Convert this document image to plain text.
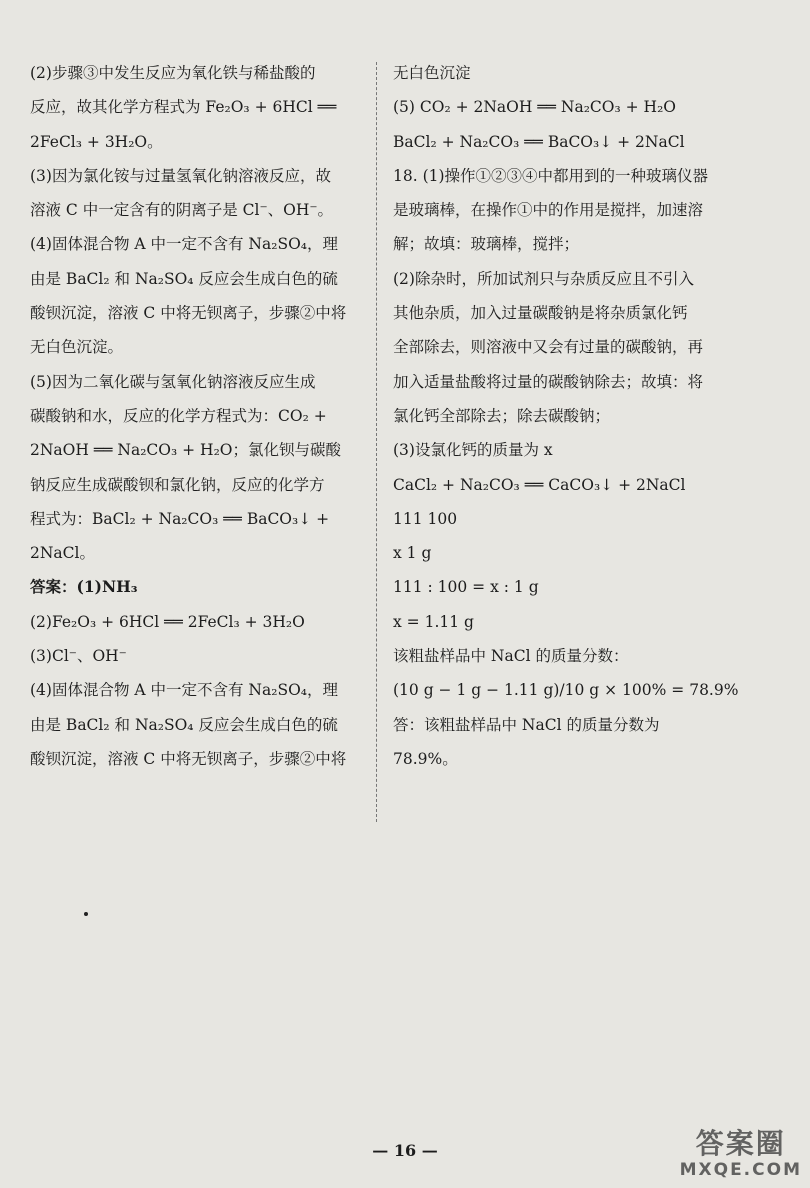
(2)步骤③中发生反应为氧化铁与稀盐酸的
反应，故其化学方程式为 Fe₂O₃ + 6HCl ══
2FeCl₃ + 3H₂O。
(3)因为氯化铵与过量氢氧化钠溶液反应，故
溶液 C 中一定含有的阴离子是 Cl⁻、OH⁻。
(4)固体混合物 A 中一定不含有 Na₂SO₄，理
由是 BaCl₂ 和 Na₂SO₄ 反应会生成白色的硫
酸钡沉淀，溶液 C 中将无钡离子，步骤②中将
无白色沉淀。
(5)因为二氧化碳与氢氧化钠溶液反应生成
碳酸钠和水，反应的化学方程式为：CO₂ +
2NaOH ══ Na₂CO₃ + H₂O；氯化钡与碳酸
钠反应生成碳酸钡和氯化钠，反应的化学方
程式为：BaCl₂ + Na₂CO₃ ══ BaCO₃↓ +
2NaCl。
答案：(1)NH₃
(2)Fe₂O₃ + 6HCl ══ 2FeCl₃ + 3H₂O
(3)Cl⁻、OH⁻
(4)固体混合物 A 中一定不含有 Na₂SO₄，理
由是 BaCl₂ 和 Na₂SO₄ 反应会生成白色的硫
酸钡沉淀，溶液 C 中将无钡离子，步骤②中将
无白色沉淀
(5) CO₂ + 2NaOH ══ Na₂CO₃ + H₂O
BaCl₂ + Na₂CO₃ ══ BaCO₃↓ + 2NaCl
18. (1)操作①②③④中都用到的一种玻璃仪器
是玻璃棒，在操作①中的作用是搅拌，加速溶
解；故填：玻璃棒，搅拌；
(2)除杂时，所加试剂只与杂质反应且不引入
其他杂质，加入过量碳酸钠是将杂质氯化钙
全部除去，则溶液中又会有过量的碳酸钠，再
加入适量盐酸将过量的碳酸钠除去；故填：将
氯化钙全部除去；除去碳酸钠；
(3)设氯化钙的质量为 x
CaCl₂ + Na₂CO₃ ══ CaCO₃↓ + 2NaCl
111 100
x 1 g
111 : 100 = x : 1 g
x = 1.11 g
该粗盐样品中 NaCl 的质量分数：
(10 g − 1 g − 1.11 g)/10 g × 100% = 78.9%
答：该粗盐样品中 NaCl 的质量分数为
78.9%。
— 16 —	答案圈
MXQE.COM
